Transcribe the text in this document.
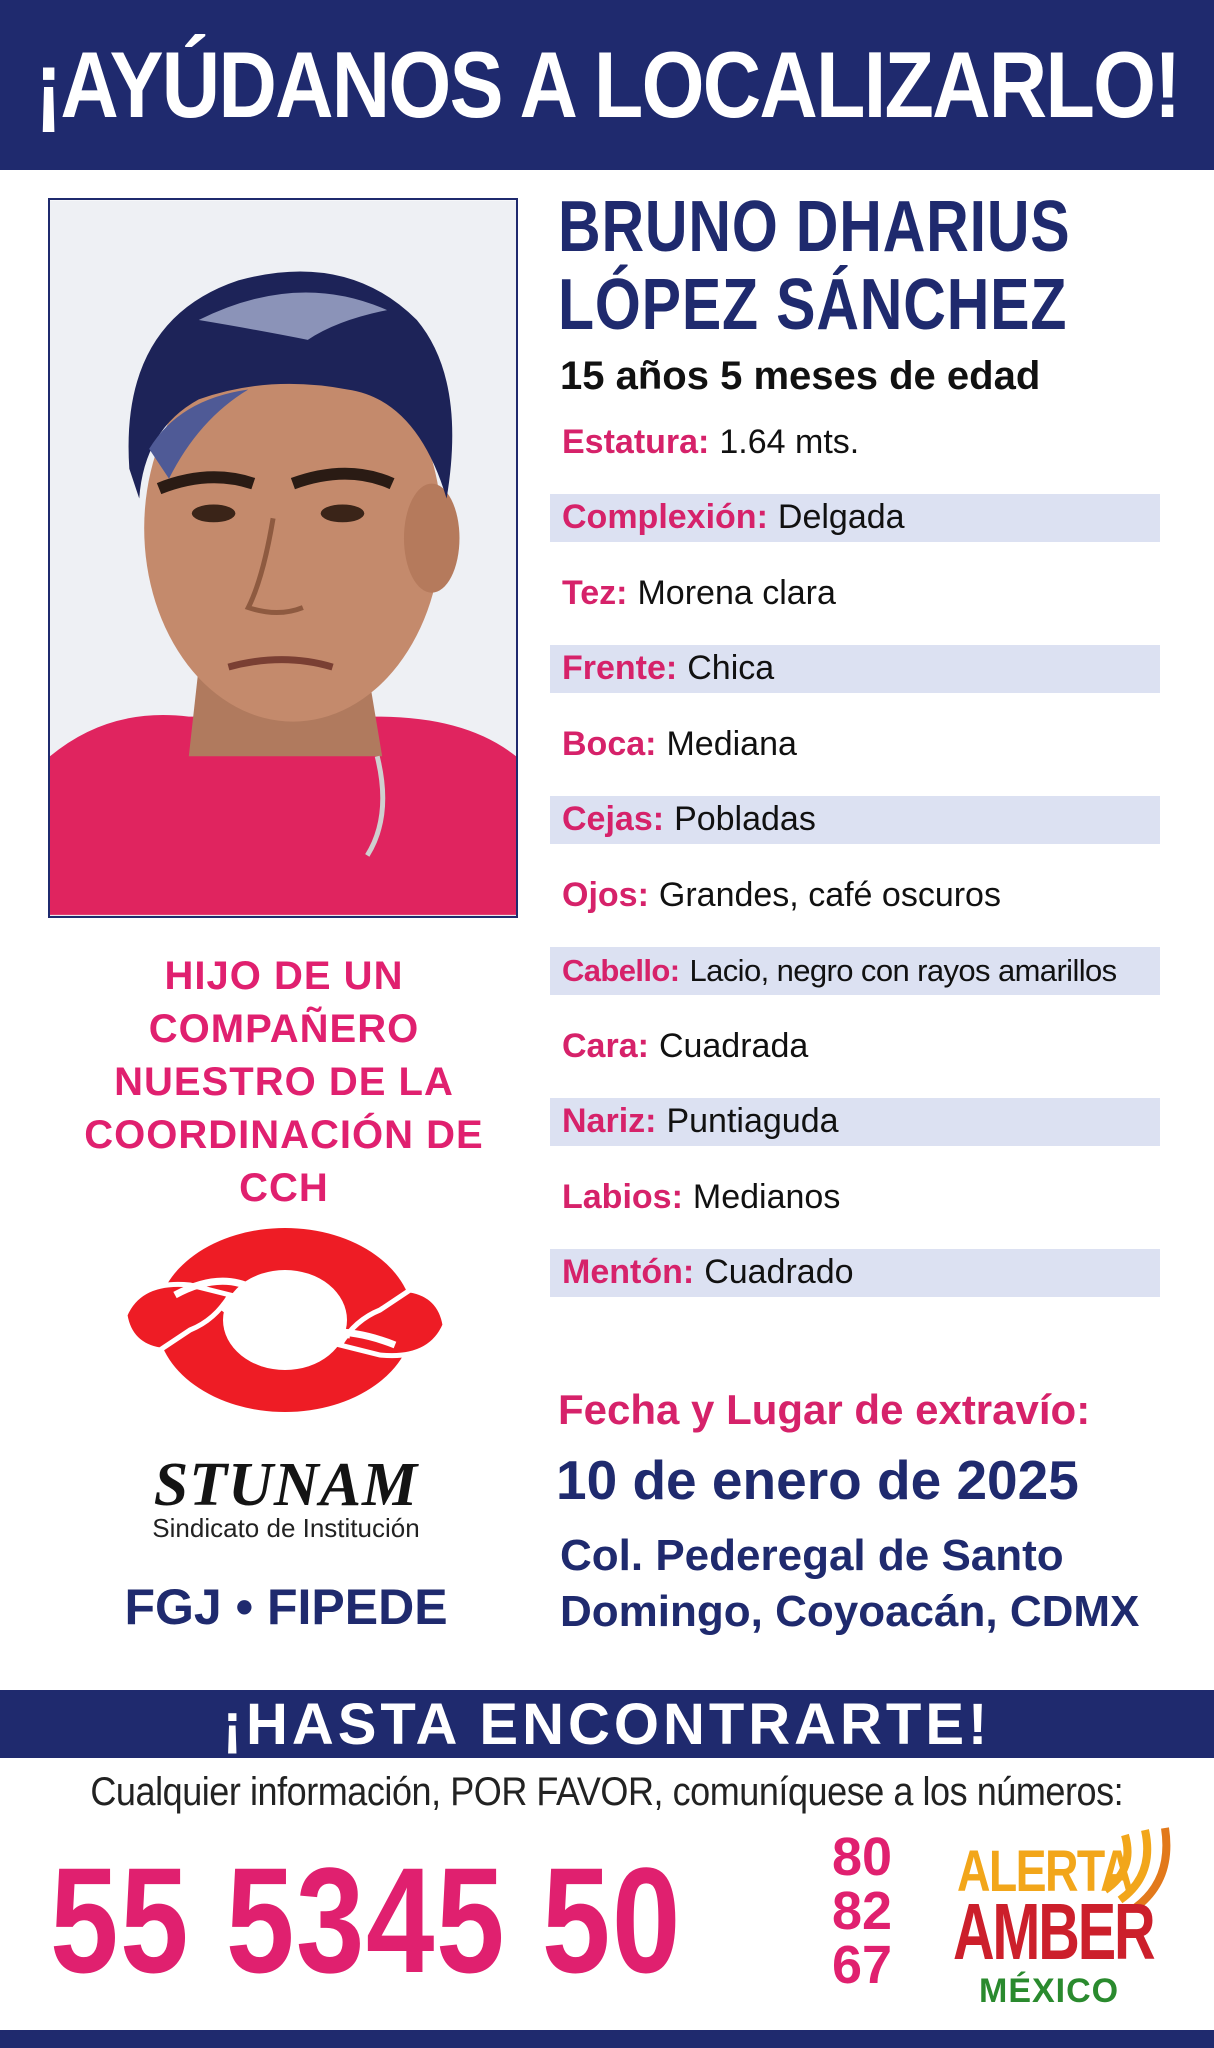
¡AYÚDANOS A LOCALIZARLO!
BRUNO DHARIUS
LÓPEZ SÁNCHEZ
15 años 5 meses de edad
Estatura: 1.64 mts.
Complexión: Delgada
Tez: Morena clara
Frente: Chica
Boca: Mediana
Cejas: Pobladas
Ojos: Grandes, café oscuros
Cabello: Lacio, negro con rayos amarillos
Cara: Cuadrada
Nariz: Puntiaguda
Labios: Medianos
Mentón: Cuadrado
HIJO DE UN
COMPAÑERO
NUESTRO DE LA
COORDINACIÓN DE
CCH
STUNAM
Sindicato de Institución
FGJ • FIPEDE
Fecha y Lugar de extravío:
10 de enero de 2025
Col. Pederegal de Santo
Domingo, Coyoacán, CDMX
¡HASTA ENCONTRARTE!
Cualquier información, POR FAVOR, comuníquese a los números:
55 5345 50	80
82
67
ALERTA
AMBER
MÉXICO
